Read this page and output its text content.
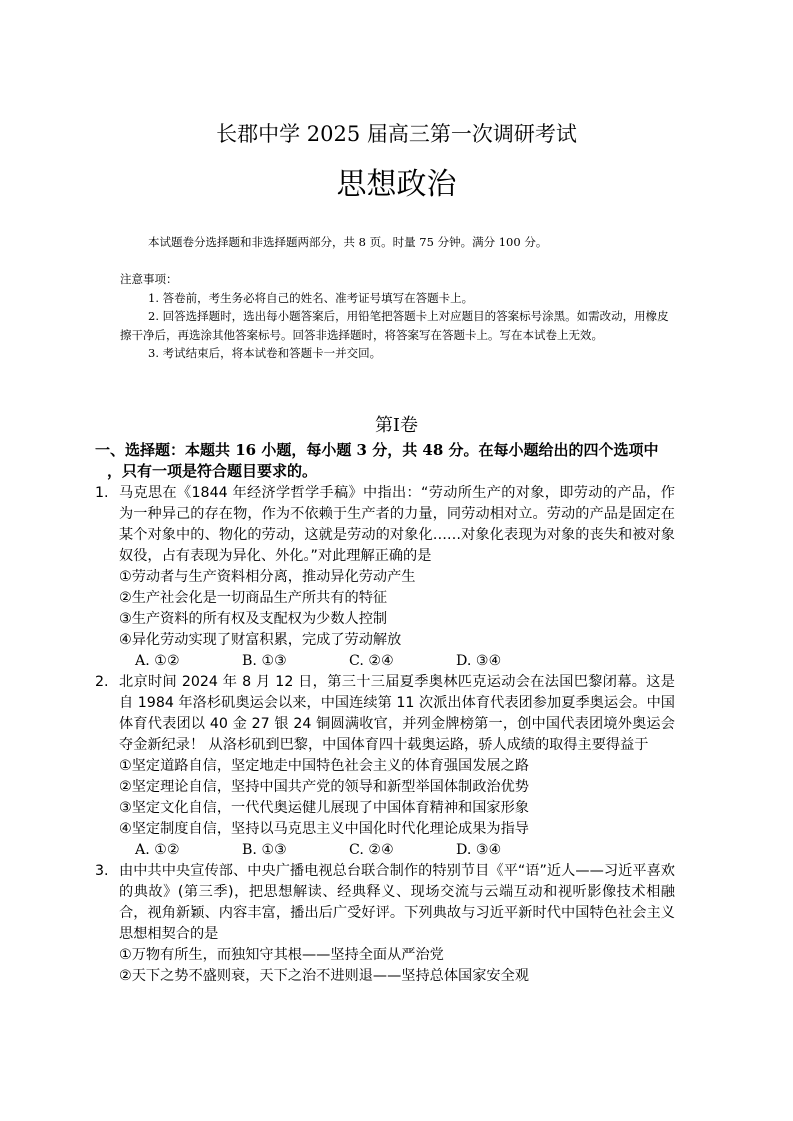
长郡中学 2025 届高三第一次调研考试
思想政治
本试题卷分选择题和非选择题两部分，共 8 页。时量 75 分钟。满分 100 分。

注意事项：

1. 答卷前，考生务必将自己的姓名、准考证号填写在答题卡上。

2. 回答选择题时，选出每小题答案后，用铅笔把答题卡上对应题目的答案标号涂黑。如需改动，用橡皮擦干净后，再选涂其他答案标号。回答非选择题时，将答案写在答题卡上。写在本试卷上无效。

3. 考试结束后，将本试卷和答题卡一并交回。

第Ⅰ卷
一、选择题：本题共 16 小题，每小题 3 分，共 48 分。在每小题给出的四个选项中
，只有一项是符合题目要求的。
1. 马克思在《1844 年经济学哲学手稿》中指出：“劳动所生产的对象，即劳动的产品，作为一种异己的存在物，作为不依赖于生产者的力量，同劳动相对立。劳动的产品是固定在某个对象中的、物化的劳动，这就是劳动的对象化……对象化表现为对象的丧失和被对象奴役，占有表现为异化、外化。”对此理解正确的是

①劳动者与生产资料相分离，推动异化劳动产生

②生产社会化是一切商品生产所共有的特征

③生产资料的所有权及支配权为少数人控制

④异化劳动实现了财富积累，完成了劳动解放

A. ①②	B. ①③	C. ②④	D. ③④
2. 北京时间 2024 年 8 月 12 日，第三十三届夏季奥林匹克运动会在法国巴黎闭幕。这是自 1984 年洛杉矶奥运会以来，中国连续第 11 次派出体育代表团参加夏季奥运会。中国体育代表团以 40 金 27 银 24 铜圆满收官，并列金牌榜第一，创中国代表团境外奥运会夺金新纪录！ 从洛杉矶到巴黎，中国体育四十载奥运路，骄人成绩的取得主要得益于

①坚定道路自信，坚定地走中国特色社会主义的体育强国发展之路

②坚定理论自信，坚持中国共产党的领导和新型举国体制政治优势

③坚定文化自信，一代代奥运健儿展现了中国体育精神和国家形象

④坚定制度自信，坚持以马克思主义中国化时代化理论成果为指导

A. ①②	B. ①③	C. ②④	D. ③④
3. 由中共中央宣传部、中央广播电视总台联合制作的特别节目《平“语”近人——习近平喜欢的典故》(第三季)，把思想解读、经典释义、现场交流与云端互动和视听影像技术相融合，视角新颖、内容丰富，播出后广受好评。下列典故与习近平新时代中国特色社会主义思想相契合的是

①万物有所生，而独知守其根——坚持全面从严治党

②天下之势不盛则衰，天下之治不进则退——坚持总体国家安全观
